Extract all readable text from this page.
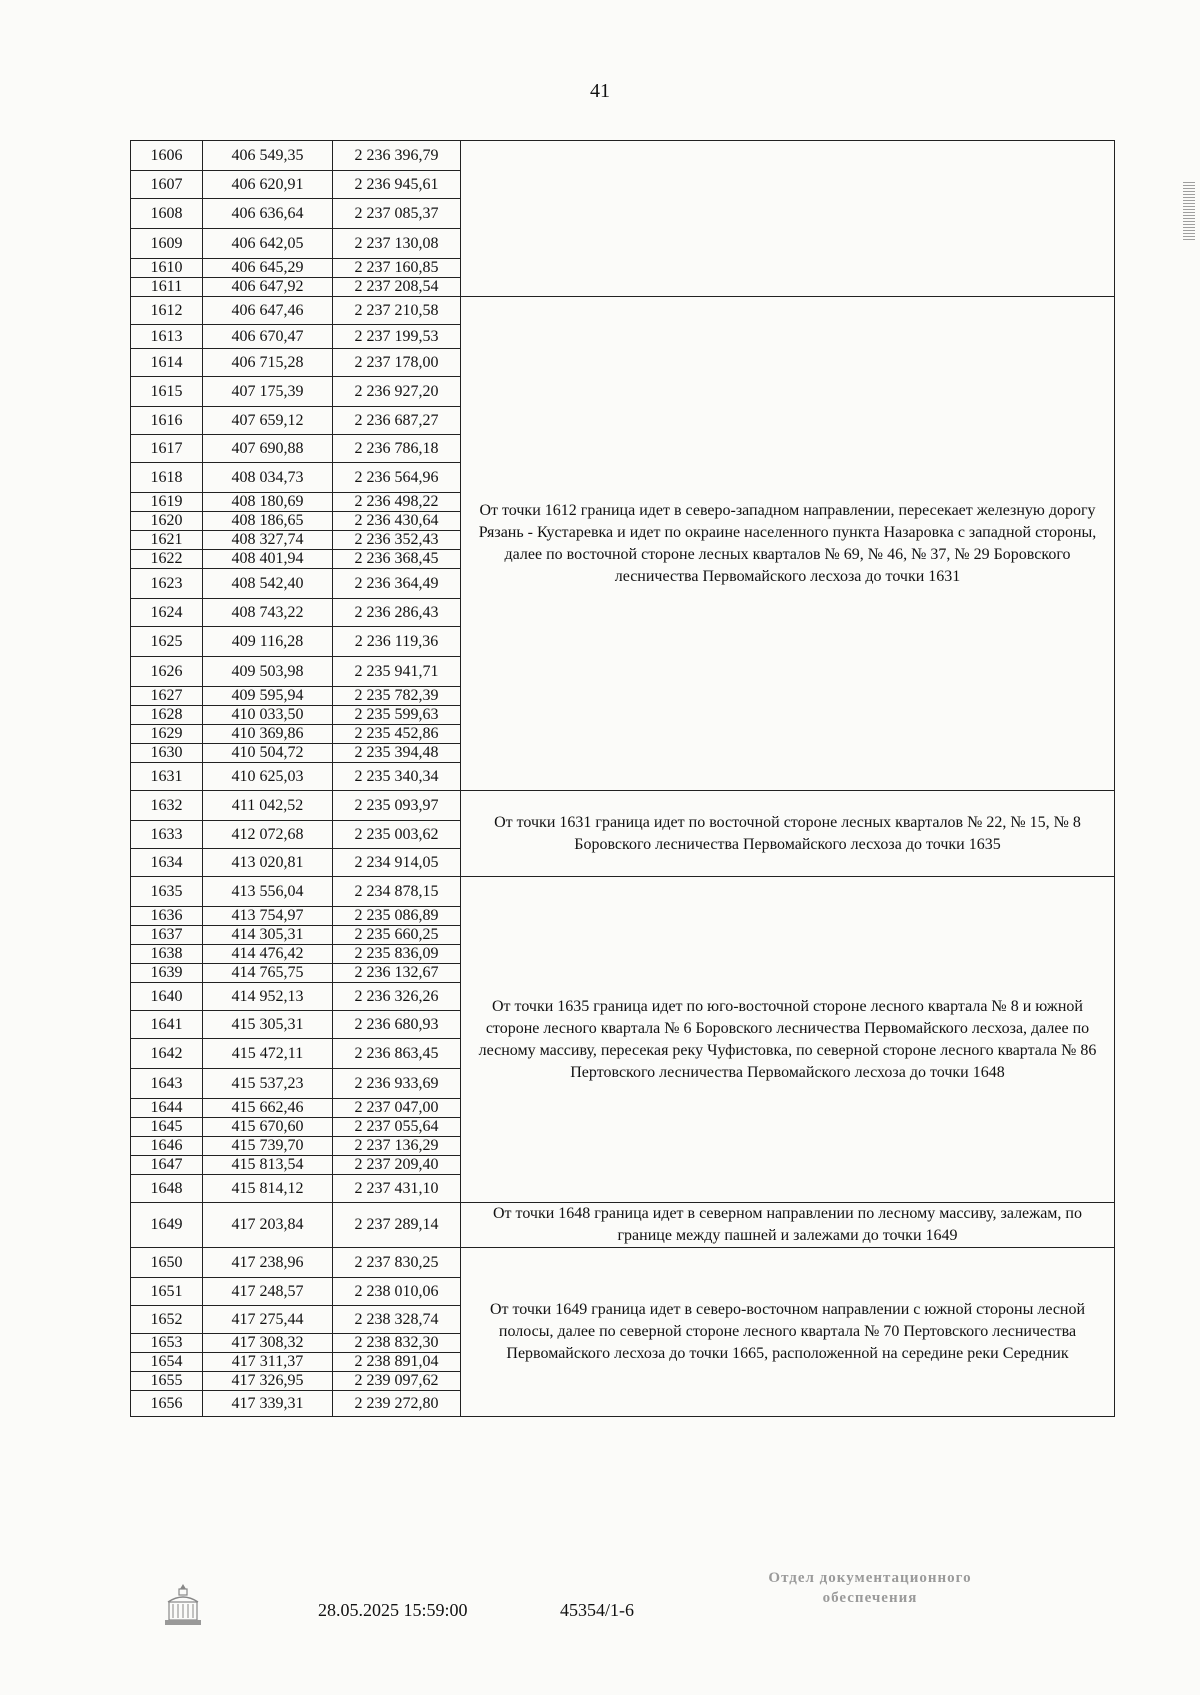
41
1606	406 549,35	2 236 396,79	
1607	406 620,91	2 236 945,61	
1608	406 636,64	2 237 085,37	
1609	406 642,05	2 237 130,08	
1610	406 645,29	2 237 160,85	
1611	406 647,92	2 237 208,54	
1612	406 647,46	2 237 210,58	От точки 1612 граница идет в северо-западном направлении, пересекает железную дорогу Рязань - Кустаревка и идет по окраине населенного пункта Назаровка с западной стороны, далее по восточной стороне лесных кварталов № 69, № 46, № 37, № 29 Боровского лесничества Первомайского лесхоза до точки 1631
1613	406 670,47	2 237 199,53	
1614	406 715,28	2 237 178,00	
1615	407 175,39	2 236 927,20	
1616	407 659,12	2 236 687,27	
1617	407 690,88	2 236 786,18	
1618	408 034,73	2 236 564,96	
1619	408 180,69	2 236 498,22	
1620	408 186,65	2 236 430,64	
1621	408 327,74	2 236 352,43	
1622	408 401,94	2 236 368,45	
1623	408 542,40	2 236 364,49	
1624	408 743,22	2 236 286,43	
1625	409 116,28	2 236 119,36	
1626	409 503,98	2 235 941,71	
1627	409 595,94	2 235 782,39	
1628	410 033,50	2 235 599,63	
1629	410 369,86	2 235 452,86	
1630	410 504,72	2 235 394,48	
1631	410 625,03	2 235 340,34	
1632	411 042,52	2 235 093,97	От точки 1631 граница идет по восточной стороне лесных кварталов № 22, № 15, № 8 Боровского лесничества Первомайского лесхоза до точки 1635
1633	412 072,68	2 235 003,62	
1634	413 020,81	2 234 914,05	
1635	413 556,04	2 234 878,15	От точки 1635 граница идет по юго-восточной стороне лесного квартала № 8 и южной стороне лесного квартала № 6 Боровского лесничества Первомайского лесхоза, далее по лесному массиву, пересекая реку Чуфистовка, по северной стороне лесного квартала № 86 Пертовского лесничества Первомайского лесхоза до точки 1648
1636	413 754,97	2 235 086,89	
1637	414 305,31	2 235 660,25	
1638	414 476,42	2 235 836,09	
1639	414 765,75	2 236 132,67	
1640	414 952,13	2 236 326,26	
1641	415 305,31	2 236 680,93	
1642	415 472,11	2 236 863,45	
1643	415 537,23	2 236 933,69	
1644	415 662,46	2 237 047,00	
1645	415 670,60	2 237 055,64	
1646	415 739,70	2 237 136,29	
1647	415 813,54	2 237 209,40	
1648	415 814,12	2 237 431,10	
1649	417 203,84	2 237 289,14	От точки 1648 граница идет в северном направлении по лесному массиву, залежам, по границе между пашней и залежами до точки 1649
1650	417 238,96	2 237 830,25	От точки 1649 граница идет в северо-восточном направлении с южной стороны лесной полосы, далее по северной стороне лесного квартала № 70 Пертовского лесничества Первомайского лесхоза до точки 1665, расположенной на середине реки Середник
1651	417 248,57	2 238 010,06	
1652	417 275,44	2 238 328,74	
1653	417 308,32	2 238 832,30	
1654	417 311,37	2 238 891,04	
1655	417 326,95	2 239 097,62	
1656	417 339,31	2 239 272,80	
28.05.2025 15:59:00	45354/1-6
Отдел документационного
обеспечения
